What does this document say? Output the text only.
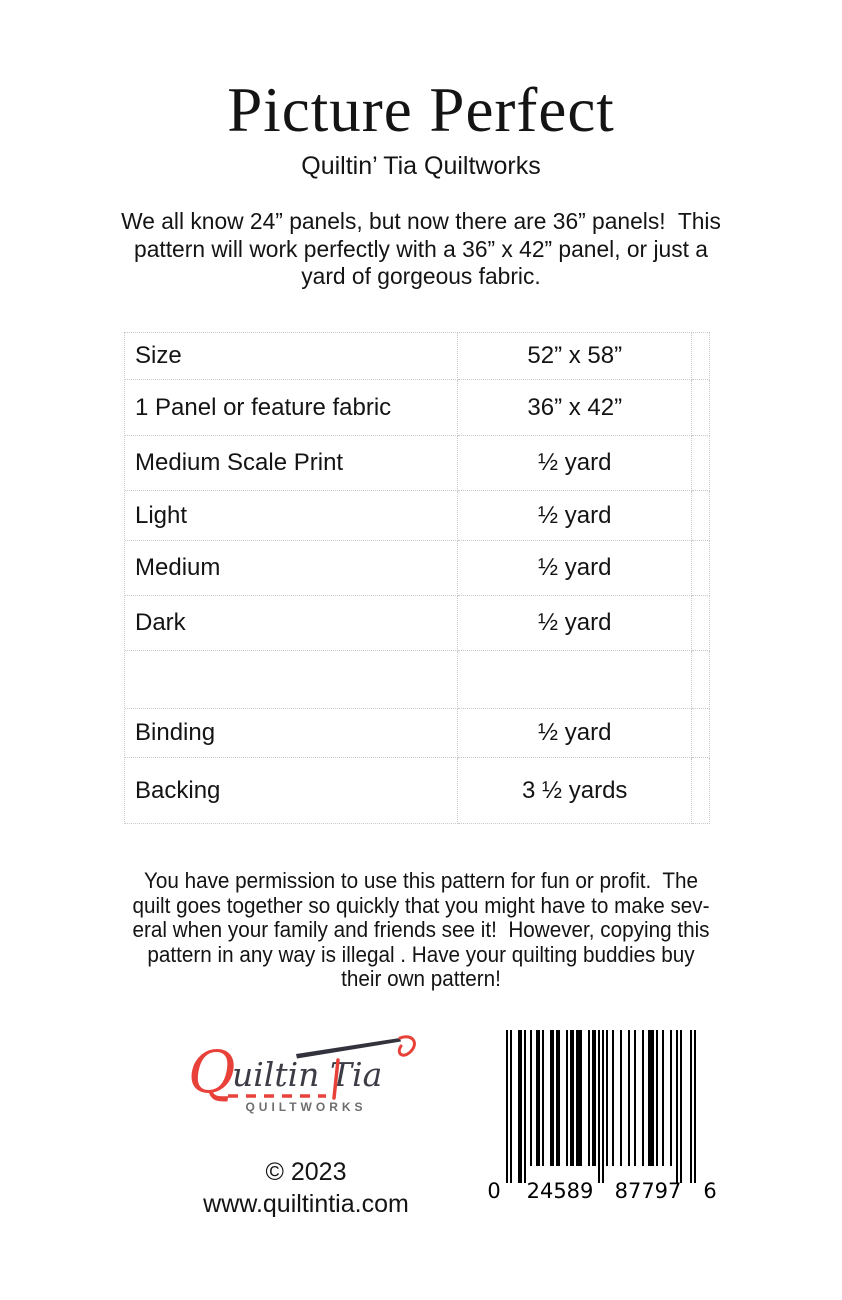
Picture Perfect
Quiltin’ Tia Quiltworks
We all know 24” panels, but now there are 36” panels!  This
pattern will work perfectly with a 36” x 42” panel, or just a
yard of gorgeous fabric.
Size	52” x 58”
1 Panel or feature fabric	36” x 42”
Medium Scale Print	½ yard
Light	½ yard
Medium	½ yard
Dark	½ yard
Binding	½ yard
Backing	3 ½ yards
You have permission to use this pattern for fun or profit.  The
quilt goes together so quickly that you might have to make sev-
eral when your family and friends see it!  However, copying this
pattern in any way is illegal . Have your quilting buddies buy
their own pattern!
Q
uiltin Tia
QUILTWORKS
0 24589 87797 6
© 2023
www.quiltintia.com
